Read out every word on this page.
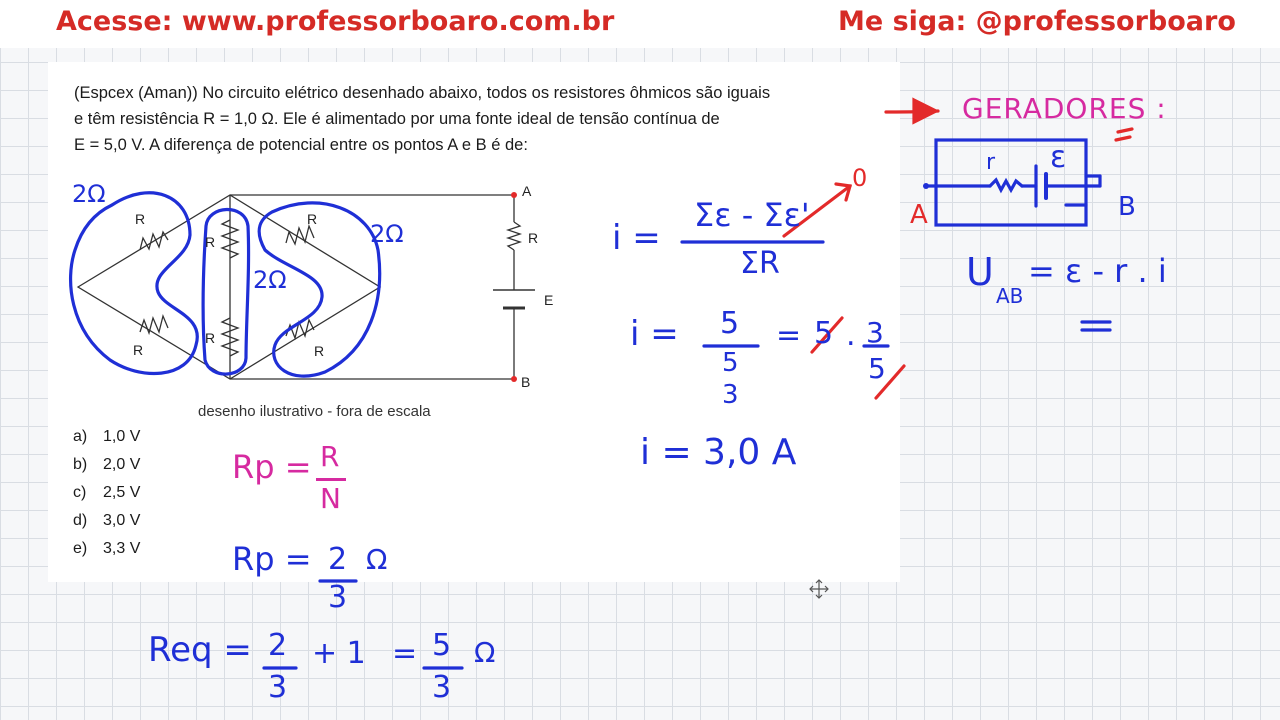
Acesse: www.professorboaro.com.br	Me siga: @professorboaro
(Espcex (Aman)) No circuito elétrico desenhado abaixo, todos os resistores ôhmicos são iguais
e têm resistência R = 1,0 Ω. Ele é alimentado por uma fonte ideal de tensão contínua de
E = 5,0 V. A diferença de potencial entre os pontos A e B é de:
R
R
R
R
R
R
R
E
A
B
desenho ilustrativo - fora de escala
a) 1,0 V
b) 2,0 V
c)	2,5 V
d) 3,0 V
e) 3,3 V
2Ω
2Ω
2Ω
Rp = R
N
Rp = 2
3
Ω
Req = 2
3
+ 1 = 5
3
Ω
i =
Σε - Σε'
ΣR
0
i = 5
5
3
= 5 . 3
5
i = 3,0 A
GERADORES :
r ε
A	B
U
AB
= ε - r . i
